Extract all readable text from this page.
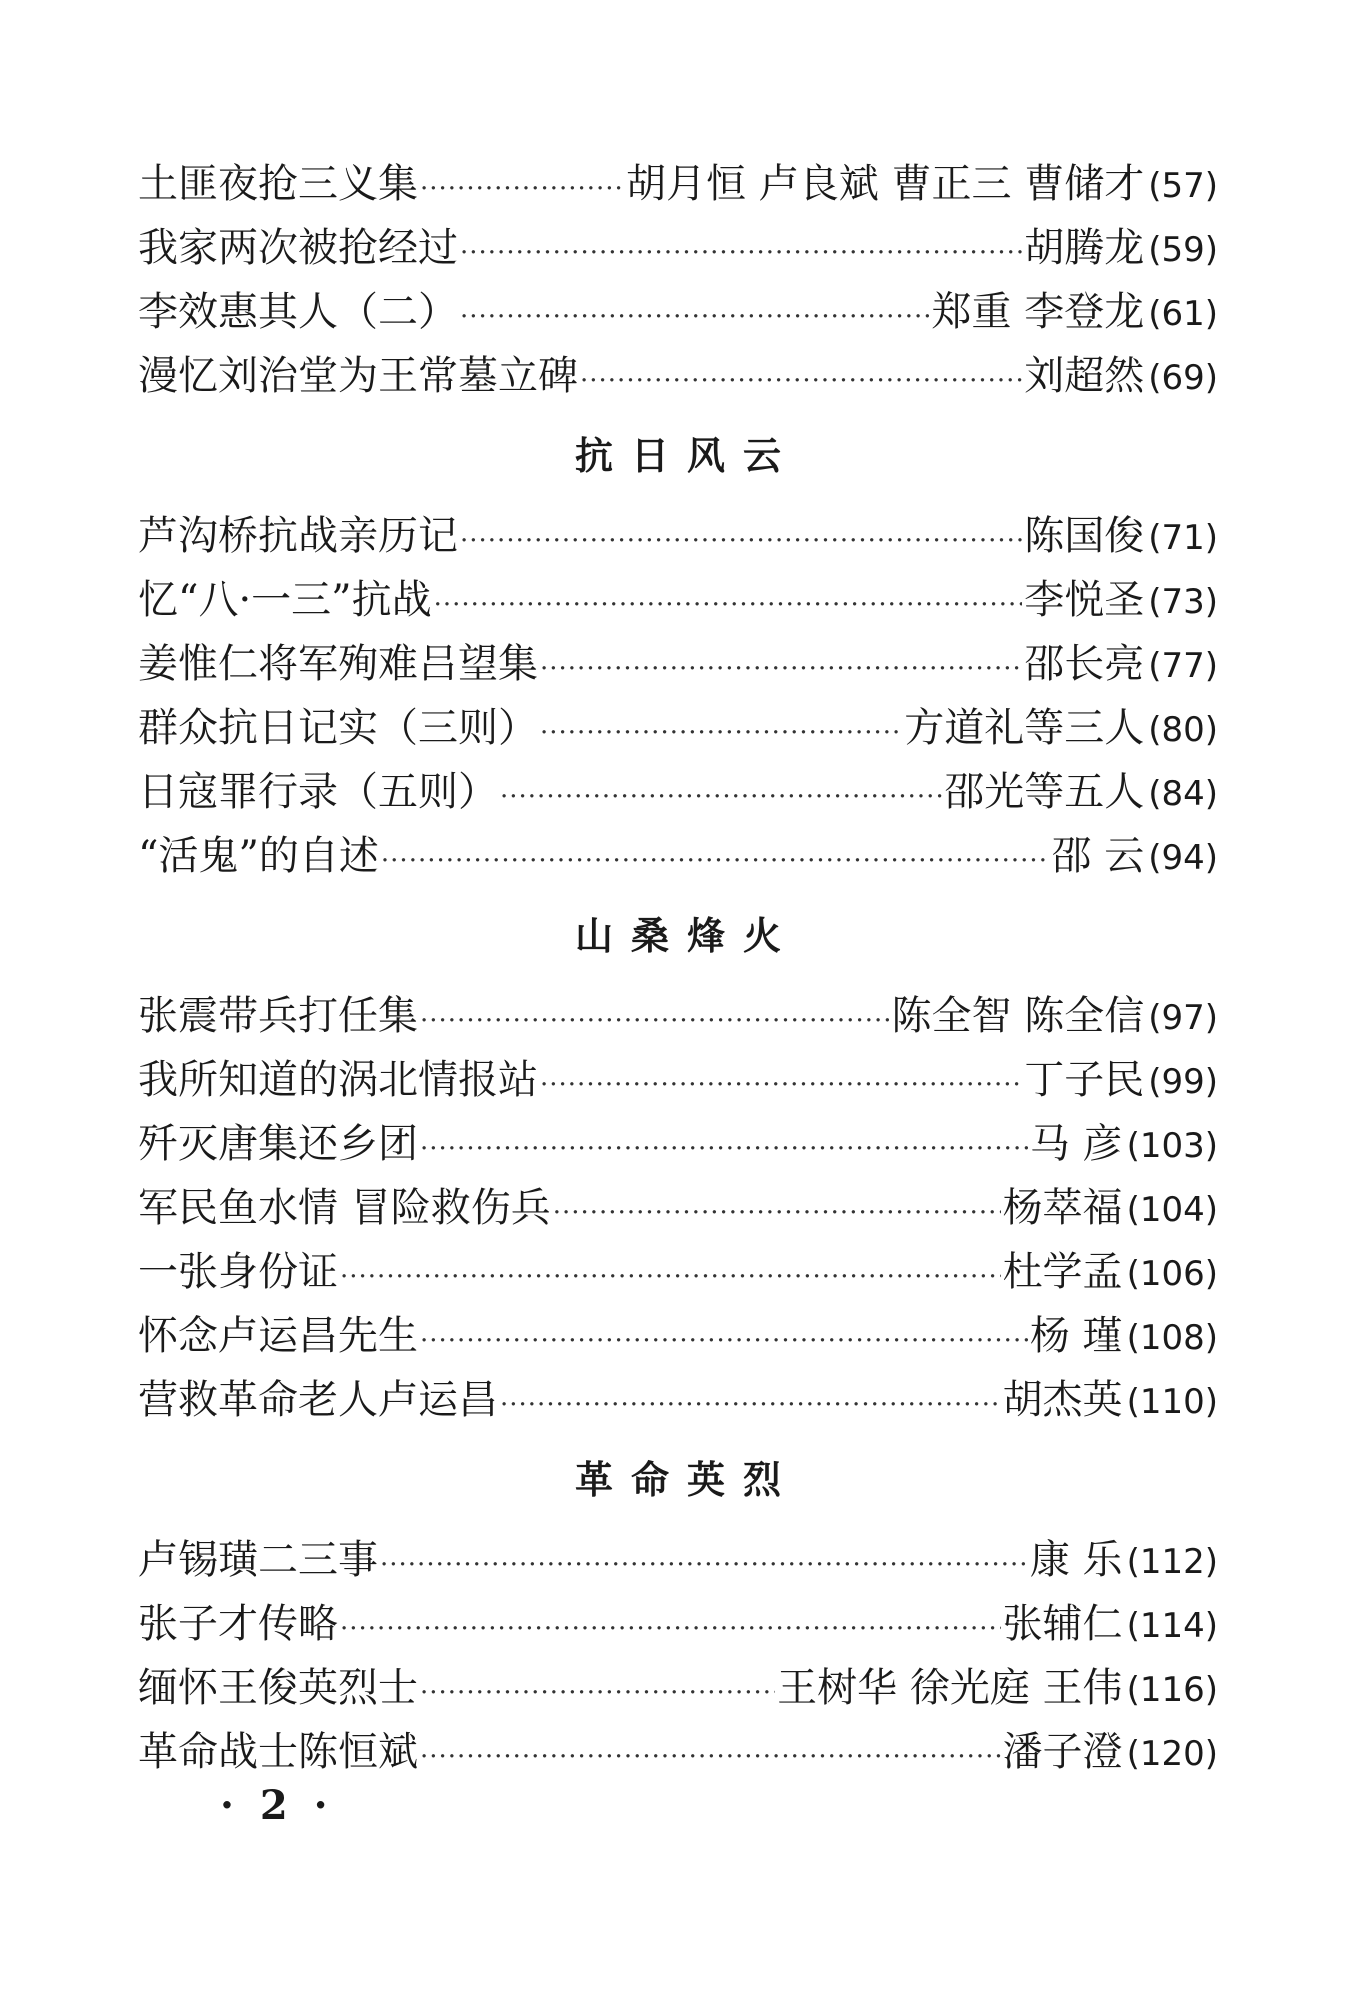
土匪夜抢三义集 ·····	胡月恒 卢良斌 曹正三 曹储才 (57)
我家两次被抢经过 ·····	胡腾龙 (59)
李效惠其人（二） ·····	郑重 李登龙 (61)
漫忆刘治堂为王常墓立碑 ·····	刘超然 (69)
抗日风云
芦沟桥抗战亲历记 ·····	陈国俊 (71)
忆“八·一三”抗战 ·····	李悦圣 (73)
姜惟仁将军殉难吕望集 ·····	邵长亮 (77)
群众抗日记实（三则） ·····	方道礼等三人 (80)
日寇罪行录（五则） ·····	邵光等五人 (84)
“活鬼”的自述 ·····	邵 云 (94)
山桑烽火
张震带兵打任集 ·····	陈全智 陈全信 (97)
我所知道的涡北情报站 ·····	丁子民 (99)
歼灭唐集还乡团 ·····	马 彦 (103)
军民鱼水情 冒险救伤兵 ·····	杨萃福 (104)
一张身份证 ·····	杜学孟 (106)
怀念卢运昌先生 ·····	杨 瑾 (108)
营救革命老人卢运昌 ·····	胡杰英 (110)
革命英烈
卢锡璜二三事 ·····	康 乐 (112)
张子才传略 ·····	张辅仁 (114)
缅怀王俊英烈士 ·····	王树华 徐光庭 王伟 (116)
革命战士陈恒斌 ·····	潘子澄 (120)
· 2 ·
